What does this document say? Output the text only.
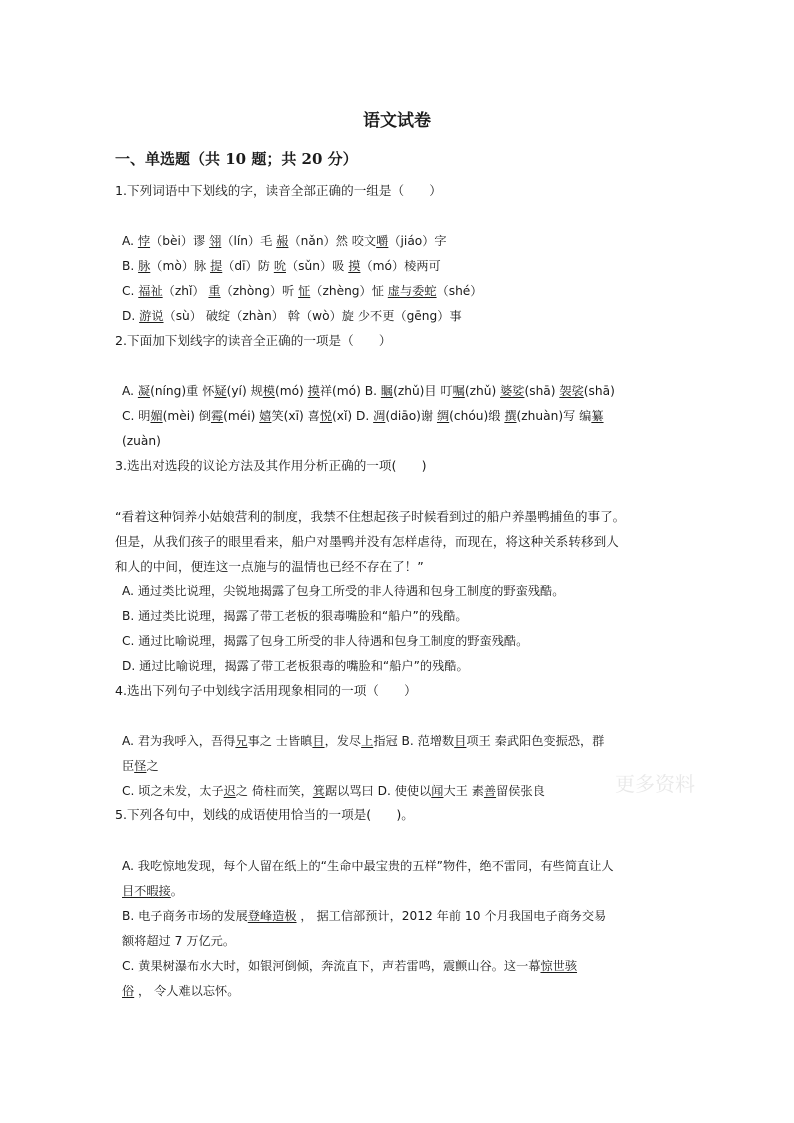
语文试卷
一、单选题（共 10 题；共 20 分）
1.下列词语中下划线的字，读音全部正确的一组是（　　）
A. 悖（bèi）谬 翎（lín）毛 赧（nǎn）然 咬文嚼（jiáo）字
B. 脉（mò）脉 提（dī）防 吮（sǔn）吸 摸（mó）棱两可
C. 福祉（zhǐ） 重（zhòng）听 怔（zhèng）怔 虚与委蛇（shé）
D. 游说（sù） 破绽（zhàn） 斡（wò）旋 少不更（gēng）事
2.下面加下划线字的读音全正确的一项是（　　）
A. 凝(níng)重 怀疑(yí) 规模(mó) 摸祥(mó) B. 瞩(zhǔ)目 叮嘱(zhǔ) 婆娑(shā) 袈裟(shā)
C. 明媚(mèi) 倒霉(méi) 嬉笑(xī) 喜悦(xǐ) D. 凋(diāo)谢 绸(chóu)缎 撰(zhuàn)写 编纂
(zuàn)
3.选出对选段的议论方法及其作用分析正确的一项(　　)
“看着这种饲养小姑娘营利的制度，我禁不住想起孩子时候看到过的船户养墨鸭捕鱼的事了。
但是，从我们孩子的眼里看来，船户对墨鸭并没有怎样虐待，而现在，将这种关系转移到人
和人的中间，便连这一点施与的温情也已经不存在了！”
A. 通过类比说理，尖锐地揭露了包身工所受的非人待遇和包身工制度的野蛮残酷。
B. 通过类比说理，揭露了带工老板的狠毒嘴脸和“船户”的残酷。
C. 通过比喻说理，揭露了包身工所受的非人待遇和包身工制度的野蛮残酷。
D. 通过比喻说理，揭露了带工老板狠毒的嘴脸和“船户”的残酷。
4.选出下列句子中划线字活用现象相同的一项（　　）
A. 君为我呼入，吾得兄事之 士皆瞋目，发尽上指冠 B. 范增数目项王 秦武阳色变振恐，群
臣怪之
C. 顷之未发，太子迟之 倚柱而笑，箕踞以骂曰 D. 使使以闻大王 素善留侯张良
5.下列各句中，划线的成语使用恰当的一项是(　　)。
A. 我吃惊地发现，每个人留在纸上的“生命中最宝贵的五样”物件，绝不雷同，有些简直让人
目不暇接。
B. 电子商务市场的发展登峰造极 ， 据工信部预计，2012 年前 10 个月我国电子商务交易
额将超过 7 万亿元。
C. 黄果树瀑布水大时，如银河倒倾，奔流直下，声若雷鸣，震颤山谷。这一幕惊世骇
俗 ， 令人难以忘怀。
更多资料
